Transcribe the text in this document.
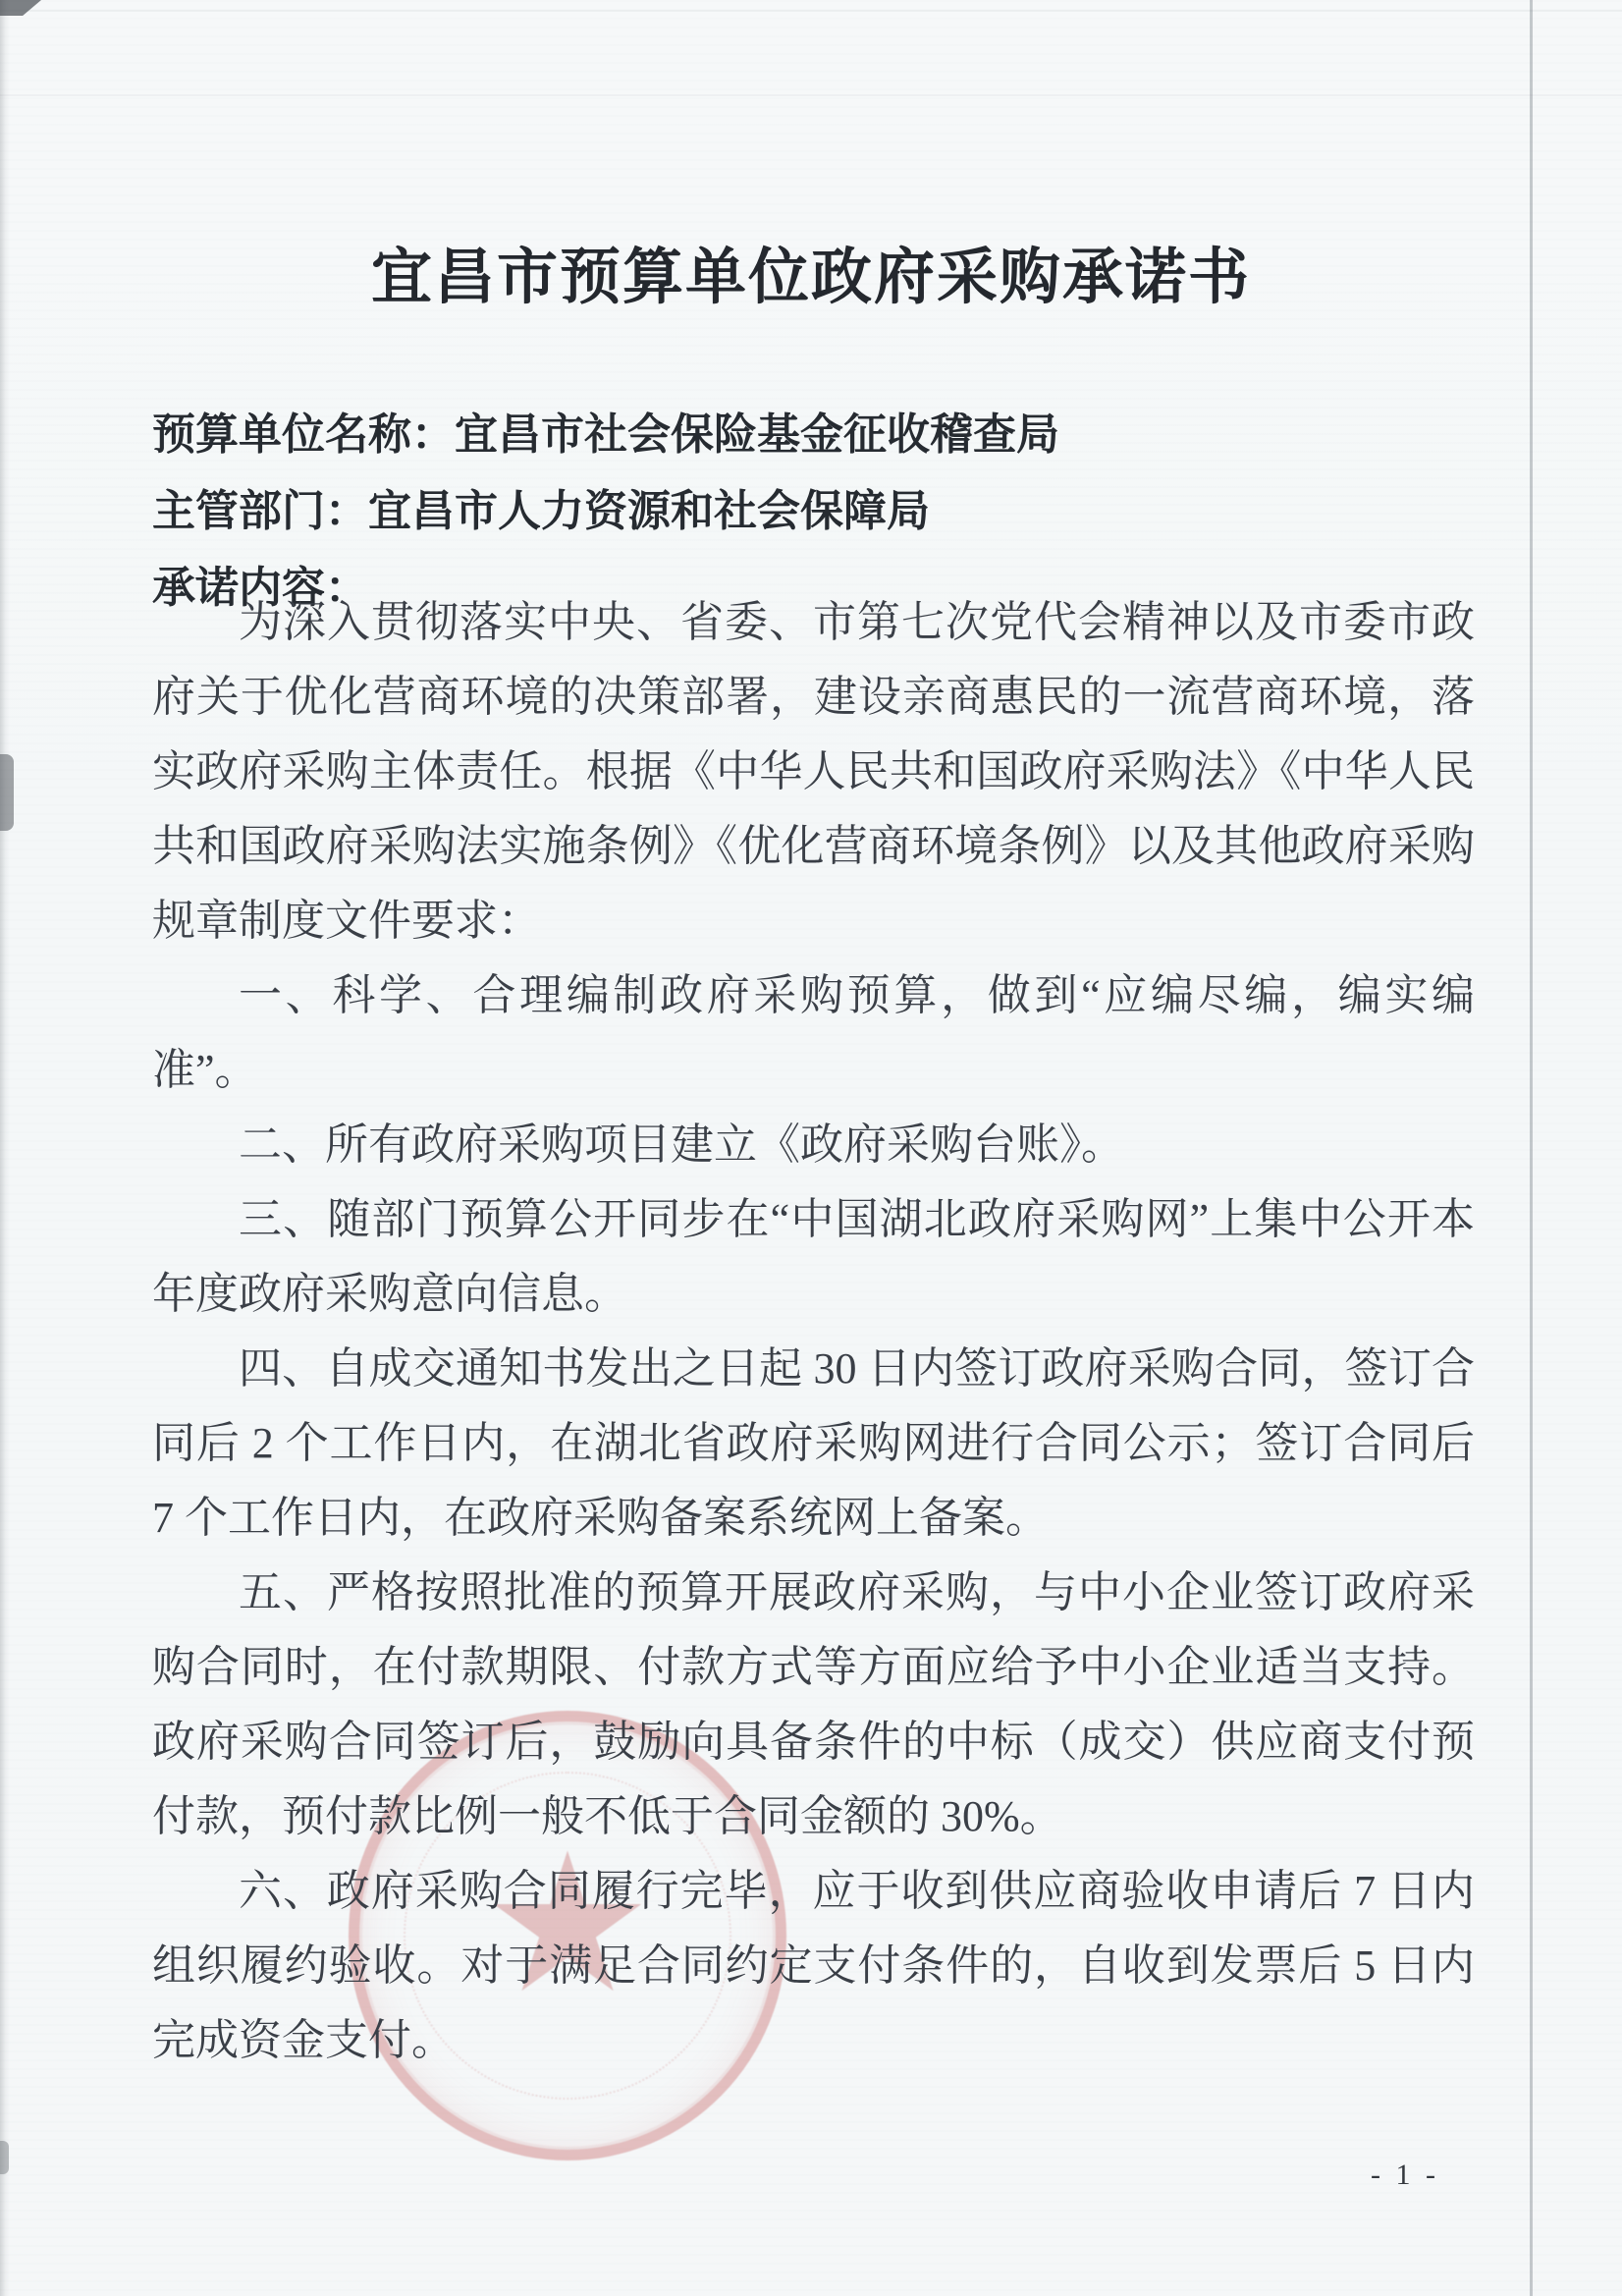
★
宜昌市预算单位政府采购承诺书

预算单位名称：宜昌市社会保险基金征收稽查局

主管部门：宜昌市人力资源和社会保障局

承诺内容：

为深入贯彻落实中央、省委、市第七次党代会精神以及市委市政府关于优化营商环境的决策部署，建设亲商惠民的一流营商环境，落实政府采购主体责任。根据《中华人民共和国政府采购法》《中华人民共和国政府采购法实施条例》《优化营商环境条例》以及其他政府采购规章制度文件要求：

一、科学、合理编制政府采购预算，做到“应编尽编，编实编准”。

二、所有政府采购项目建立《政府采购台账》。

三、随部门预算公开同步在“中国湖北政府采购网”上集中公开本年度政府采购意向信息。

四、自成交通知书发出之日起 30 日内签订政府采购合同，签订合同后 2 个工作日内，在湖北省政府采购网进行合同公示；签订合同后 7 个工作日内，在政府采购备案系统网上备案。

五、严格按照批准的预算开展政府采购，与中小企业签订政府采购合同时，在付款期限、付款方式等方面应给予中小企业适当支持。政府采购合同签订后，鼓励向具备条件的中标（成交）供应商支付预付款，预付款比例一般不低于合同金额的 30%。

六、政府采购合同履行完毕，应于收到供应商验收申请后 7 日内组织履约验收。对于满足合同约定支付条件的，自收到发票后 5 日内完成资金支付。

- 1 -
